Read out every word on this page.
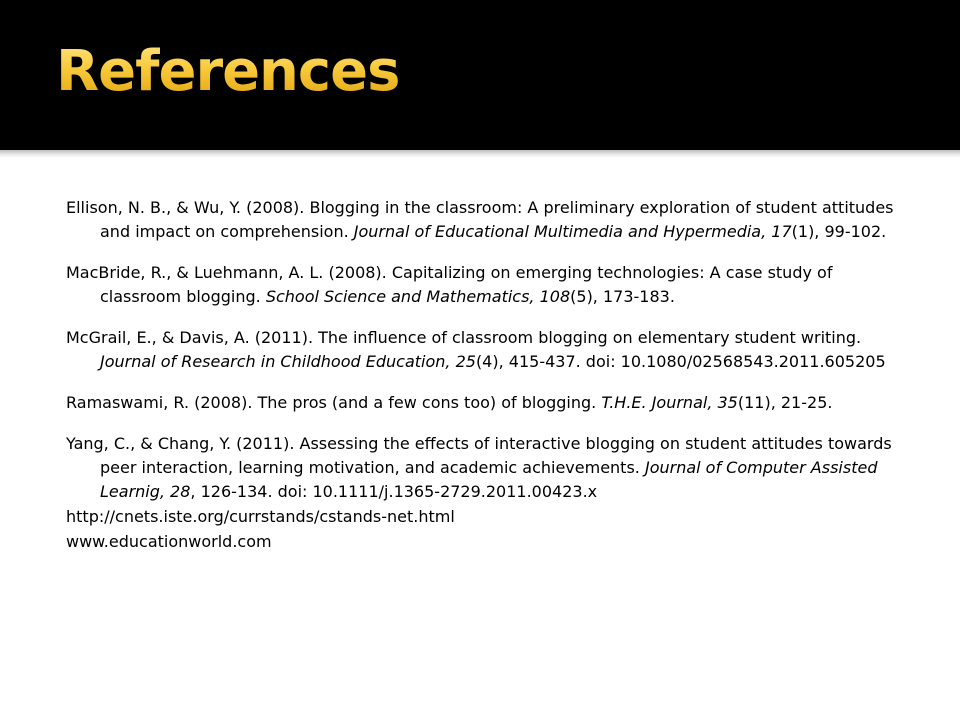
References

Ellison, N. B., & Wu, Y. (2008). Blogging in the classroom: A preliminary exploration of student attitudes and impact on comprehension. Journal of Educational Multimedia and Hypermedia, 17(1), 99-102.

MacBride, R., & Luehmann, A. L. (2008). Capitalizing on emerging technologies: A case study of classroom blogging. School Science and Mathematics, 108(5), 173-183.

McGrail, E., & Davis, A. (2011). The influence of classroom blogging on elementary student writing. Journal of Research in Childhood Education, 25(4), 415-437. doi: 10.1080/02568543.2011.605205

Ramaswami, R. (2008). The pros (and a few cons too) of blogging. T.H.E. Journal, 35(11), 21-25.

Yang, C., & Chang, Y. (2011). Assessing the effects of interactive blogging on student attitudes towards peer interaction, learning motivation, and academic achievements. Journal of Computer Assisted Learnig, 28, 126-134. doi: 10.1111/j.1365-2729.2011.00423.x

http://cnets.iste.org/currstands/cstands-net.html

www.educationworld.com
